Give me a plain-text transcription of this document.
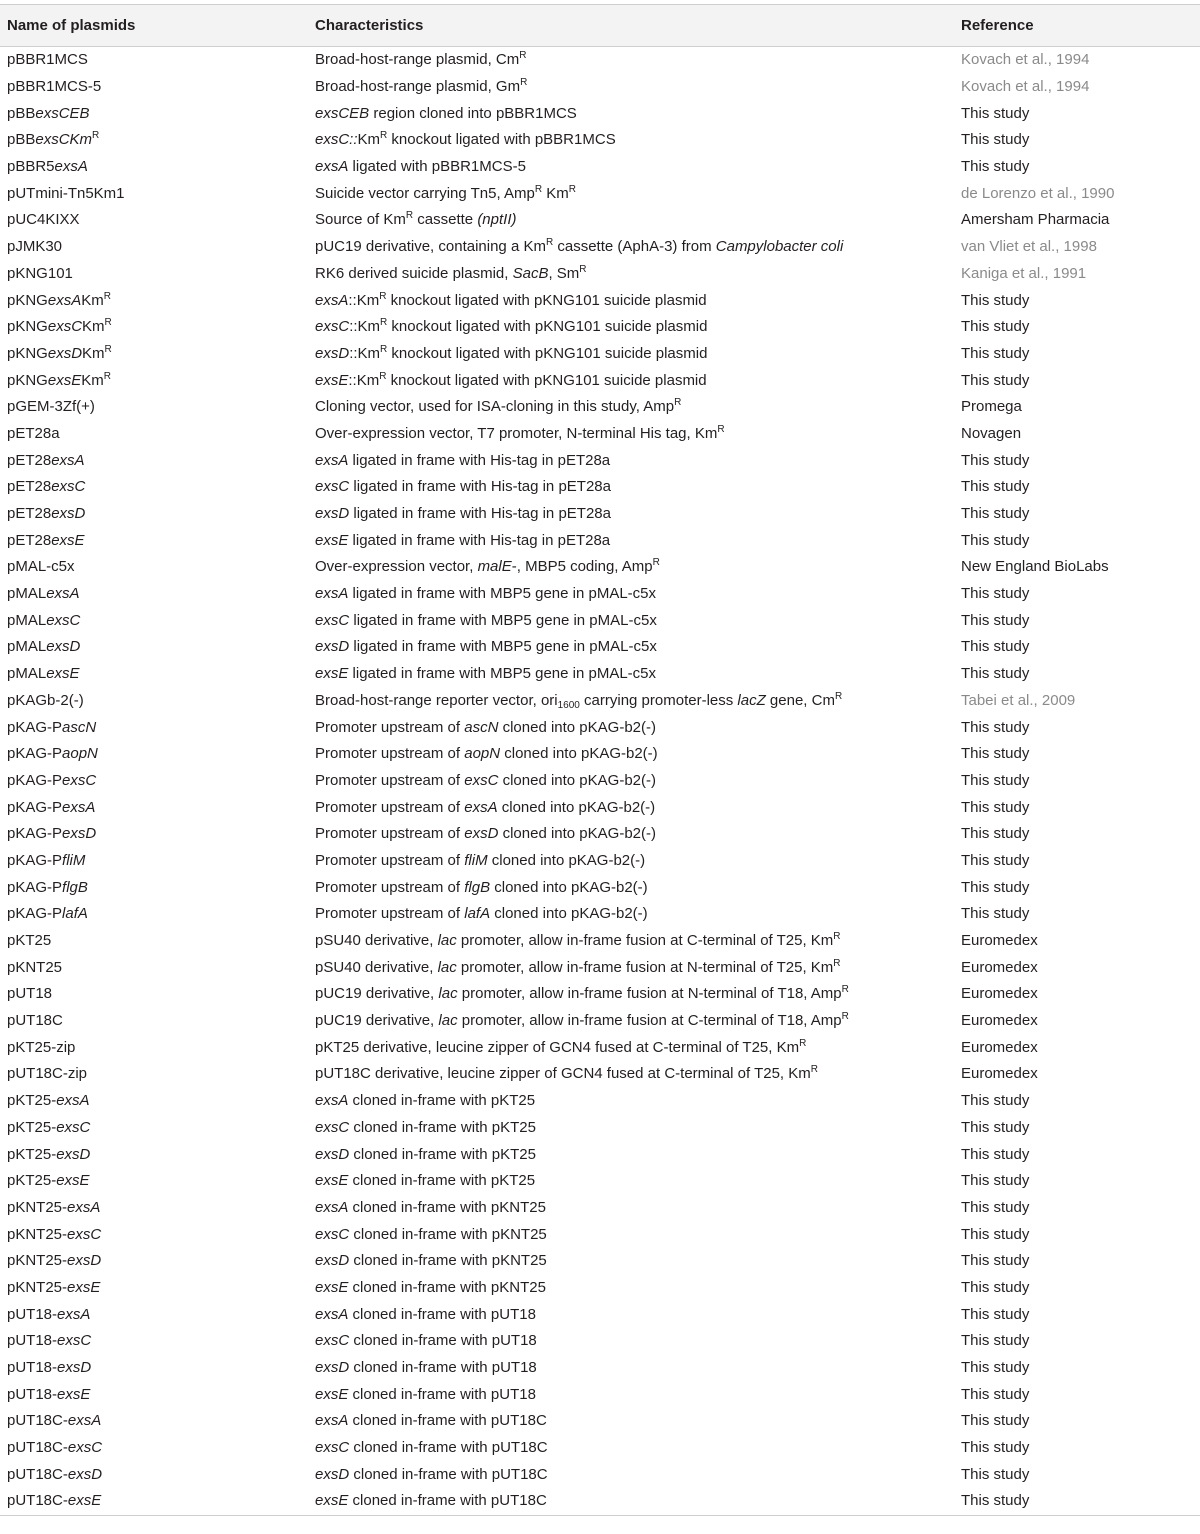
Name of plasmids	Characteristics	Reference
pBBR1MCS	Broad-host-range plasmid, $Cm^R$	Kovach et al., 1994
pBBR1MCS-5	Broad-host-range plasmid, $Gm^R$	Kovach et al., 1994
pBBexsCEB	exsCEB region cloned into pBBR1MCS	This study
pBBexsCKm$^R$	$exsC::Km^R$ knockout ligated with pBBR1MCS	This study
pBBR5exsA	exsA ligated with pBBR1MCS-5	This study
pUTmini-Tn5Km1	Suicide vector carrying Tn5, Amp$^R$ $Km^R$	de Lorenzo et al., 1990
pUC4KIXX	Source of $Km^R$ cassette (nptII)	Amersham Pharmacia
pJMK30	pUC19 derivative, containing a $Km^R$ cassette (AphA-3) from Campylobacter coli	van Vliet et al., 1998
pKNG101	RK6 derived suicide plasmid, SacB, $Sm^R$	Kaniga et al., 1991
pKNGexsAKm$^R$	$exsA::Km^R$ knockout ligated with pKNG101 suicide plasmid	This study
pKNGexsCKm$^R$	$exsC::Km^R$ knockout ligated with pKNG101 suicide plasmid	This study
pKNGexsDKm$^R$	$exsD::Km^R$ knockout ligated with pKNG101 suicide plasmid	This study
pKNGexsEKm$^R$	$exsE::Km^R$ knockout ligated with pKNG101 suicide plasmid	This study
pGEM-3Zf(+)	Cloning vector, used for ISA-cloning in this study, Amp$^R$	Promega
pET28a	Over-expression vector, T7 promoter, N-terminal His tag, $Km^R$	Novagen
pET28exsA	exsA ligated in frame with His-tag in pET28a	This study
pET28exsC	exsC ligated in frame with His-tag in pET28a	This study
pET28exsD	exsD ligated in frame with His-tag in pET28a	This study
pET28exsE	exsE ligated in frame with His-tag in pET28a	This study
pMAL-c5x	Over-expression vector, malE-, MBP5 coding, Amp$^R$	New England BioLabs
pMALexsA	exsA ligated in frame with MBP5 gene in pMAL-c5x	This study
pMALexsC	exsC ligated in frame with MBP5 gene in pMAL-c5x	This study
pMALexsD	exsD ligated in frame with MBP5 gene in pMAL-c5x	This study
pMALexsE	exsE ligated in frame with MBP5 gene in pMAL-c5x	This study
pKAGb-2(-)	Broad-host-range reporter vector, ori$_{1600}$ carrying promoter-less lacZ gene, $Cm^R$	Tabei et al., 2009
pKAG-PascN	Promoter upstream of ascN cloned into pKAG-b2(-)	This study
pKAG-PaopN	Promoter upstream of aopN cloned into pKAG-b2(-)	This study
pKAG-PexsC	Promoter upstream of exsC cloned into pKAG-b2(-)	This study
pKAG-PexsA	Promoter upstream of exsA cloned into pKAG-b2(-)	This study
pKAG-PexsD	Promoter upstream of exsD cloned into pKAG-b2(-)	This study
pKAG-PfliM	Promoter upstream of fliM cloned into pKAG-b2(-)	This study
pKAG-PflgB	Promoter upstream of flgB cloned into pKAG-b2(-)	This study
pKAG-PlafA	Promoter upstream of lafA cloned into pKAG-b2(-)	This study
pKT25	pSU40 derivative, lac promoter, allow in-frame fusion at C-terminal of T25, $Km^R$	Euromedex
pKNT25	pSU40 derivative, lac promoter, allow in-frame fusion at N-terminal of T25, $Km^R$	Euromedex
pUT18	pUC19 derivative, lac promoter, allow in-frame fusion at N-terminal of T18, Amp$^R$	Euromedex
pUT18C	pUC19 derivative, lac promoter, allow in-frame fusion at C-terminal of T18, Amp$^R$	Euromedex
pKT25-zip	pKT25 derivative, leucine zipper of GCN4 fused at C-terminal of T25, $Km^R$	Euromedex
pUT18C-zip	pUT18C derivative, leucine zipper of GCN4 fused at C-terminal of T25, $Km^R$	Euromedex
pKT25-exsA	exsA cloned in-frame with pKT25	This study
pKT25-exsC	exsC cloned in-frame with pKT25	This study
pKT25-exsD	exsD cloned in-frame with pKT25	This study
pKT25-exsE	exsE cloned in-frame with pKT25	This study
pKNT25-exsA	exsA cloned in-frame with pKNT25	This study
pKNT25-exsC	exsC cloned in-frame with pKNT25	This study
pKNT25-exsD	exsD cloned in-frame with pKNT25	This study
pKNT25-exsE	exsE cloned in-frame with pKNT25	This study
pUT18-exsA	exsA cloned in-frame with pUT18	This study
pUT18-exsC	exsC cloned in-frame with pUT18	This study
pUT18-exsD	exsD cloned in-frame with pUT18	This study
pUT18-exsE	exsE cloned in-frame with pUT18	This study
pUT18C-exsA	exsA cloned in-frame with pUT18C	This study
pUT18C-exsC	exsC cloned in-frame with pUT18C	This study
pUT18C-exsD	exsD cloned in-frame with pUT18C	This study
pUT18C-exsE	exsE cloned in-frame with pUT18C	This study
